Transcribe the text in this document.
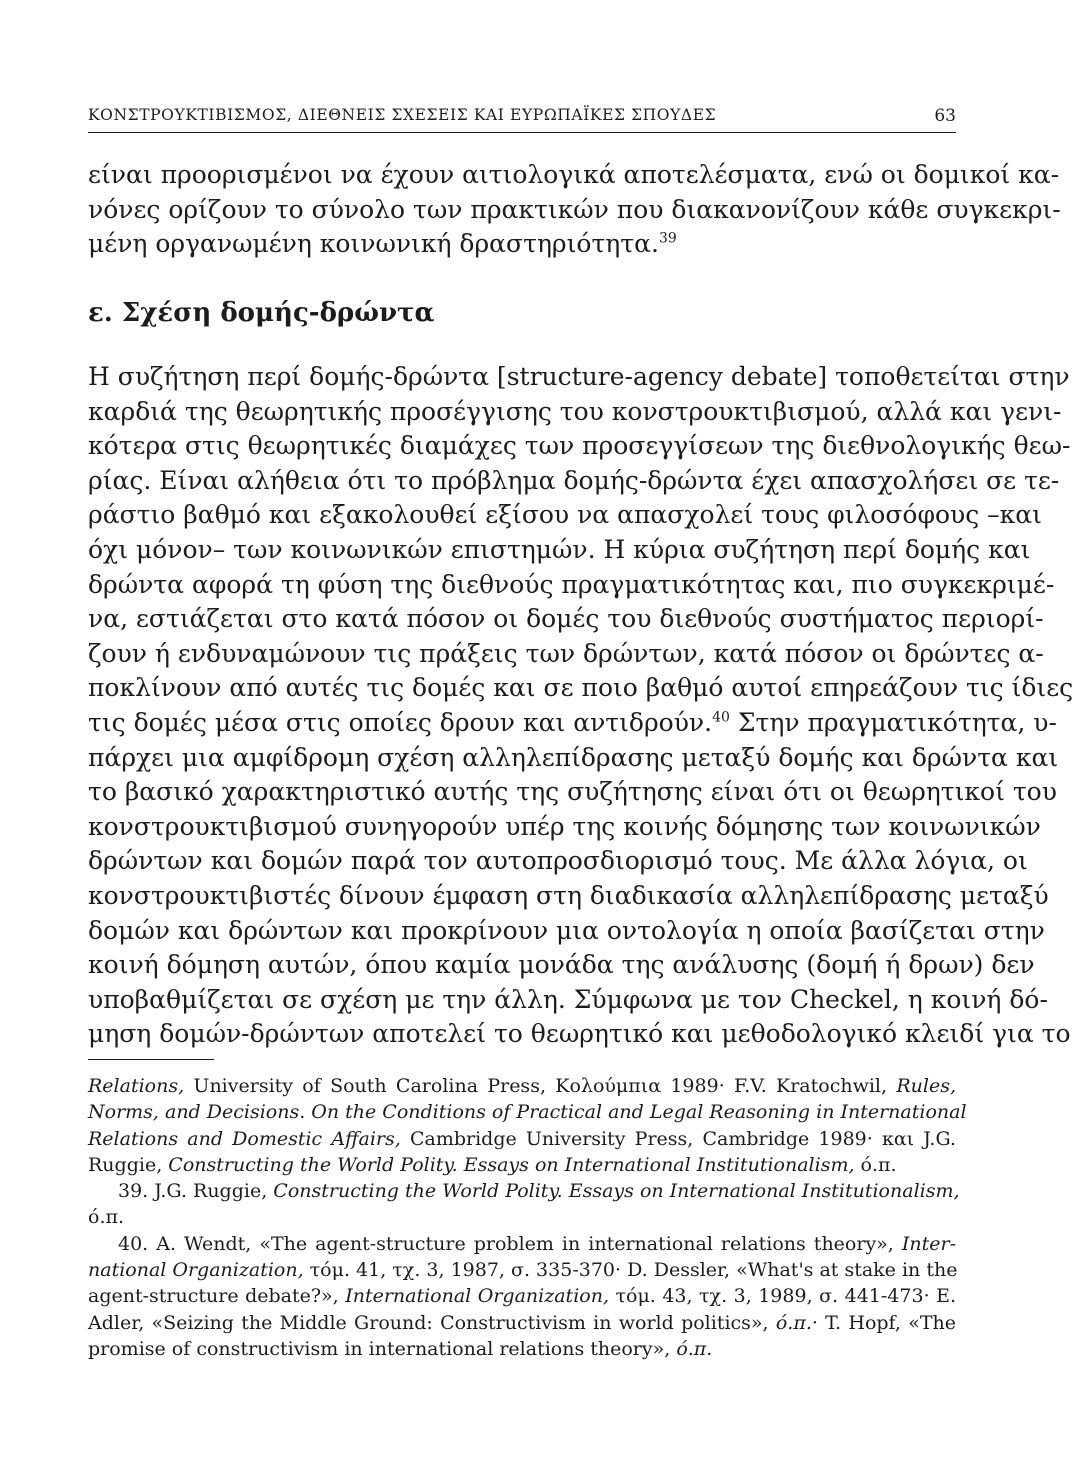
ΚΟΝΣΤΡΟΥΚΤΙΒΙΣΜΟΣ, ΔΙΕΘΝΕΙΣ ΣΧΕΣΕΙΣ ΚΑΙ ΕΥΡΩΠΑΪΚΕΣ ΣΠΟΥΔΕΣ	63
είναι προορισμένοι να έχουν αιτιολογικά αποτελέσματα, ενώ οι δομικοί κα-
νόνες ορίζουν το σύνολο των πρακτικών που διακανονίζουν κάθε συγκεκρι-
μένη οργανωμένη κοινωνική δραστηριότητα.$^{39}$
ε. Σχέση δομής-δρώντα
Η συζήτηση περί δομής-δρώντα [structure-agency debate] τοποθετείται στην
καρδιά της θεωρητικής προσέγγισης του κονστρουκτιβισμού, αλλά και γενι-
κότερα στις θεωρητικές διαμάχες των προσεγγίσεων της διεθνολογικής θεω-
ρίας. Είναι αλήθεια ότι το πρόβλημα δομής-δρώντα έχει απασχολήσει σε τε-
ράστιο βαθμό και εξακολουθεί εξίσου να απασχολεί τους φιλοσόφους –και
όχι μόνον– των κοινωνικών επιστημών. Η κύρια συζήτηση περί δομής και
δρώντα αφορά τη φύση της διεθνούς πραγματικότητας και, πιο συγκεκριμέ-
να, εστιάζεται στο κατά πόσον οι δομές του διεθνούς συστήματος περιορί-
ζουν ή ενδυναμώνουν τις πράξεις των δρώντων, κατά πόσον οι δρώντες α-
ποκλίνουν από αυτές τις δομές και σε ποιο βαθμό αυτοί επηρεάζουν τις ίδιες
τις δομές μέσα στις οποίες δρουν και αντιδρούν.$^{40}$ Στην πραγματικότητα, υ-
πάρχει μια αμφίδρομη σχέση αλληλεπίδρασης μεταξύ δομής και δρώντα και
το βασικό χαρακτηριστικό αυτής της συζήτησης είναι ότι οι θεωρητικοί του
κονστρουκτιβισμού συνηγορούν υπέρ της κοινής δόμησης των κοινωνικών
δρώντων και δομών παρά τον αυτοπροσδιορισμό τους. Με άλλα λόγια, οι
κονστρουκτιβιστές δίνουν έμφαση στη διαδικασία αλληλεπίδρασης μεταξύ
δομών και δρώντων και προκρίνουν μια οντολογία η οποία βασίζεται στην
κοινή δόμηση αυτών, όπου καμία μονάδα της ανάλυσης (δομή ή δρων) δεν
υποβαθμίζεται σε σχέση με την άλλη. Σύμφωνα με τον Checkel, η κοινή δό-
μηση δομών-δρώντων αποτελεί το θεωρητικό και μεθοδολογικό κλειδί για το
Relations, University of South Carolina Press, Κολούμπια 1989· F.V. Kratochwil, Rules,
Norms, and Decisions. On the Conditions of Practical and Legal Reasoning in International
Relations and Domestic Affairs, Cambridge University Press, Cambridge 1989· και J.G.
Ruggie, Constructing the World Polity. Essays on International Institutionalism, ό.π.
39. J.G. Ruggie, Constructing the World Polity. Essays on International Institutionalism,
ό.π.
40. A. Wendt, «The agent-structure problem in international relations theory», Inter-
national Organization, τόμ. 41, τχ. 3, 1987, σ. 335-370· D. Dessler, «What's at stake in the
agent-structure debate?», International Organization, τόμ. 43, τχ. 3, 1989, σ. 441-473· E.
Adler, «Seizing the Middle Ground: Constructivism in world politics», ό.π.· T. Hopf, «The
promise of constructivism in international relations theory», ό.π.
